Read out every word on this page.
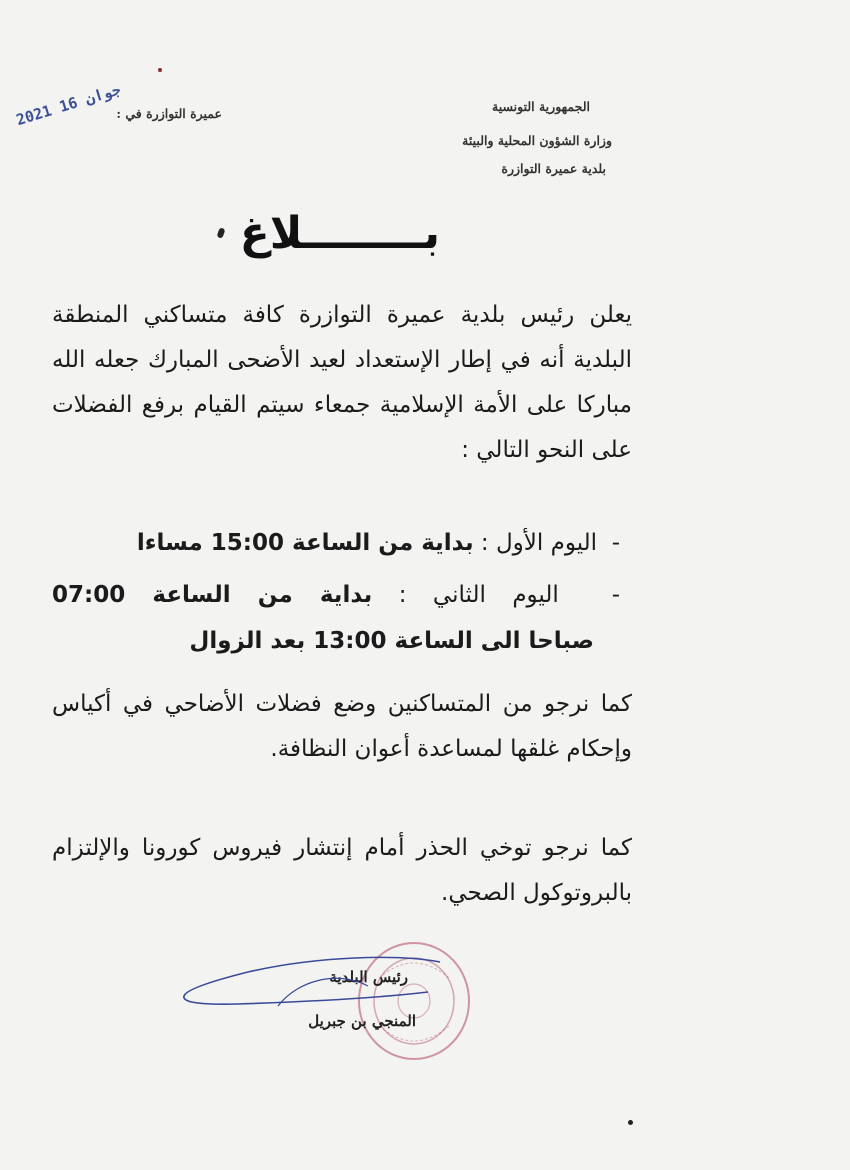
2021 جوان 16
عميرة التوازرة في :	الجمهورية التونسية
وزارة الشؤون المحلية والبيئة
بلدية عميرة التوازرة
بــــــــلاغ
يعلن رئيس بلدية عميرة التوازرة كافة متساكني المنطقة البلدية أنه في إطار الإستعداد لعيد الأضحى المبارك جعله الله مباركا على الأمة الإسلامية جمعاء سيتم القيام برفع الفضلات على النحو التالي :
-  اليوم الأول : بداية من الساعة 15:00 مساءا
-  اليوم الثاني : بداية من الساعة 07:00
صباحا الى الساعة 13:00 بعد الزوال
كما نرجو من المتساكنين وضع فضلات الأضاحي في أكياس وإحكام غلقها لمساعدة أعوان النظافة.
كما نرجو توخي الحذر أمام إنتشار فيروس كورونا والإلتزام بالبروتوكول الصحي.
رئيس البلدية
المنجي بن جبريل
